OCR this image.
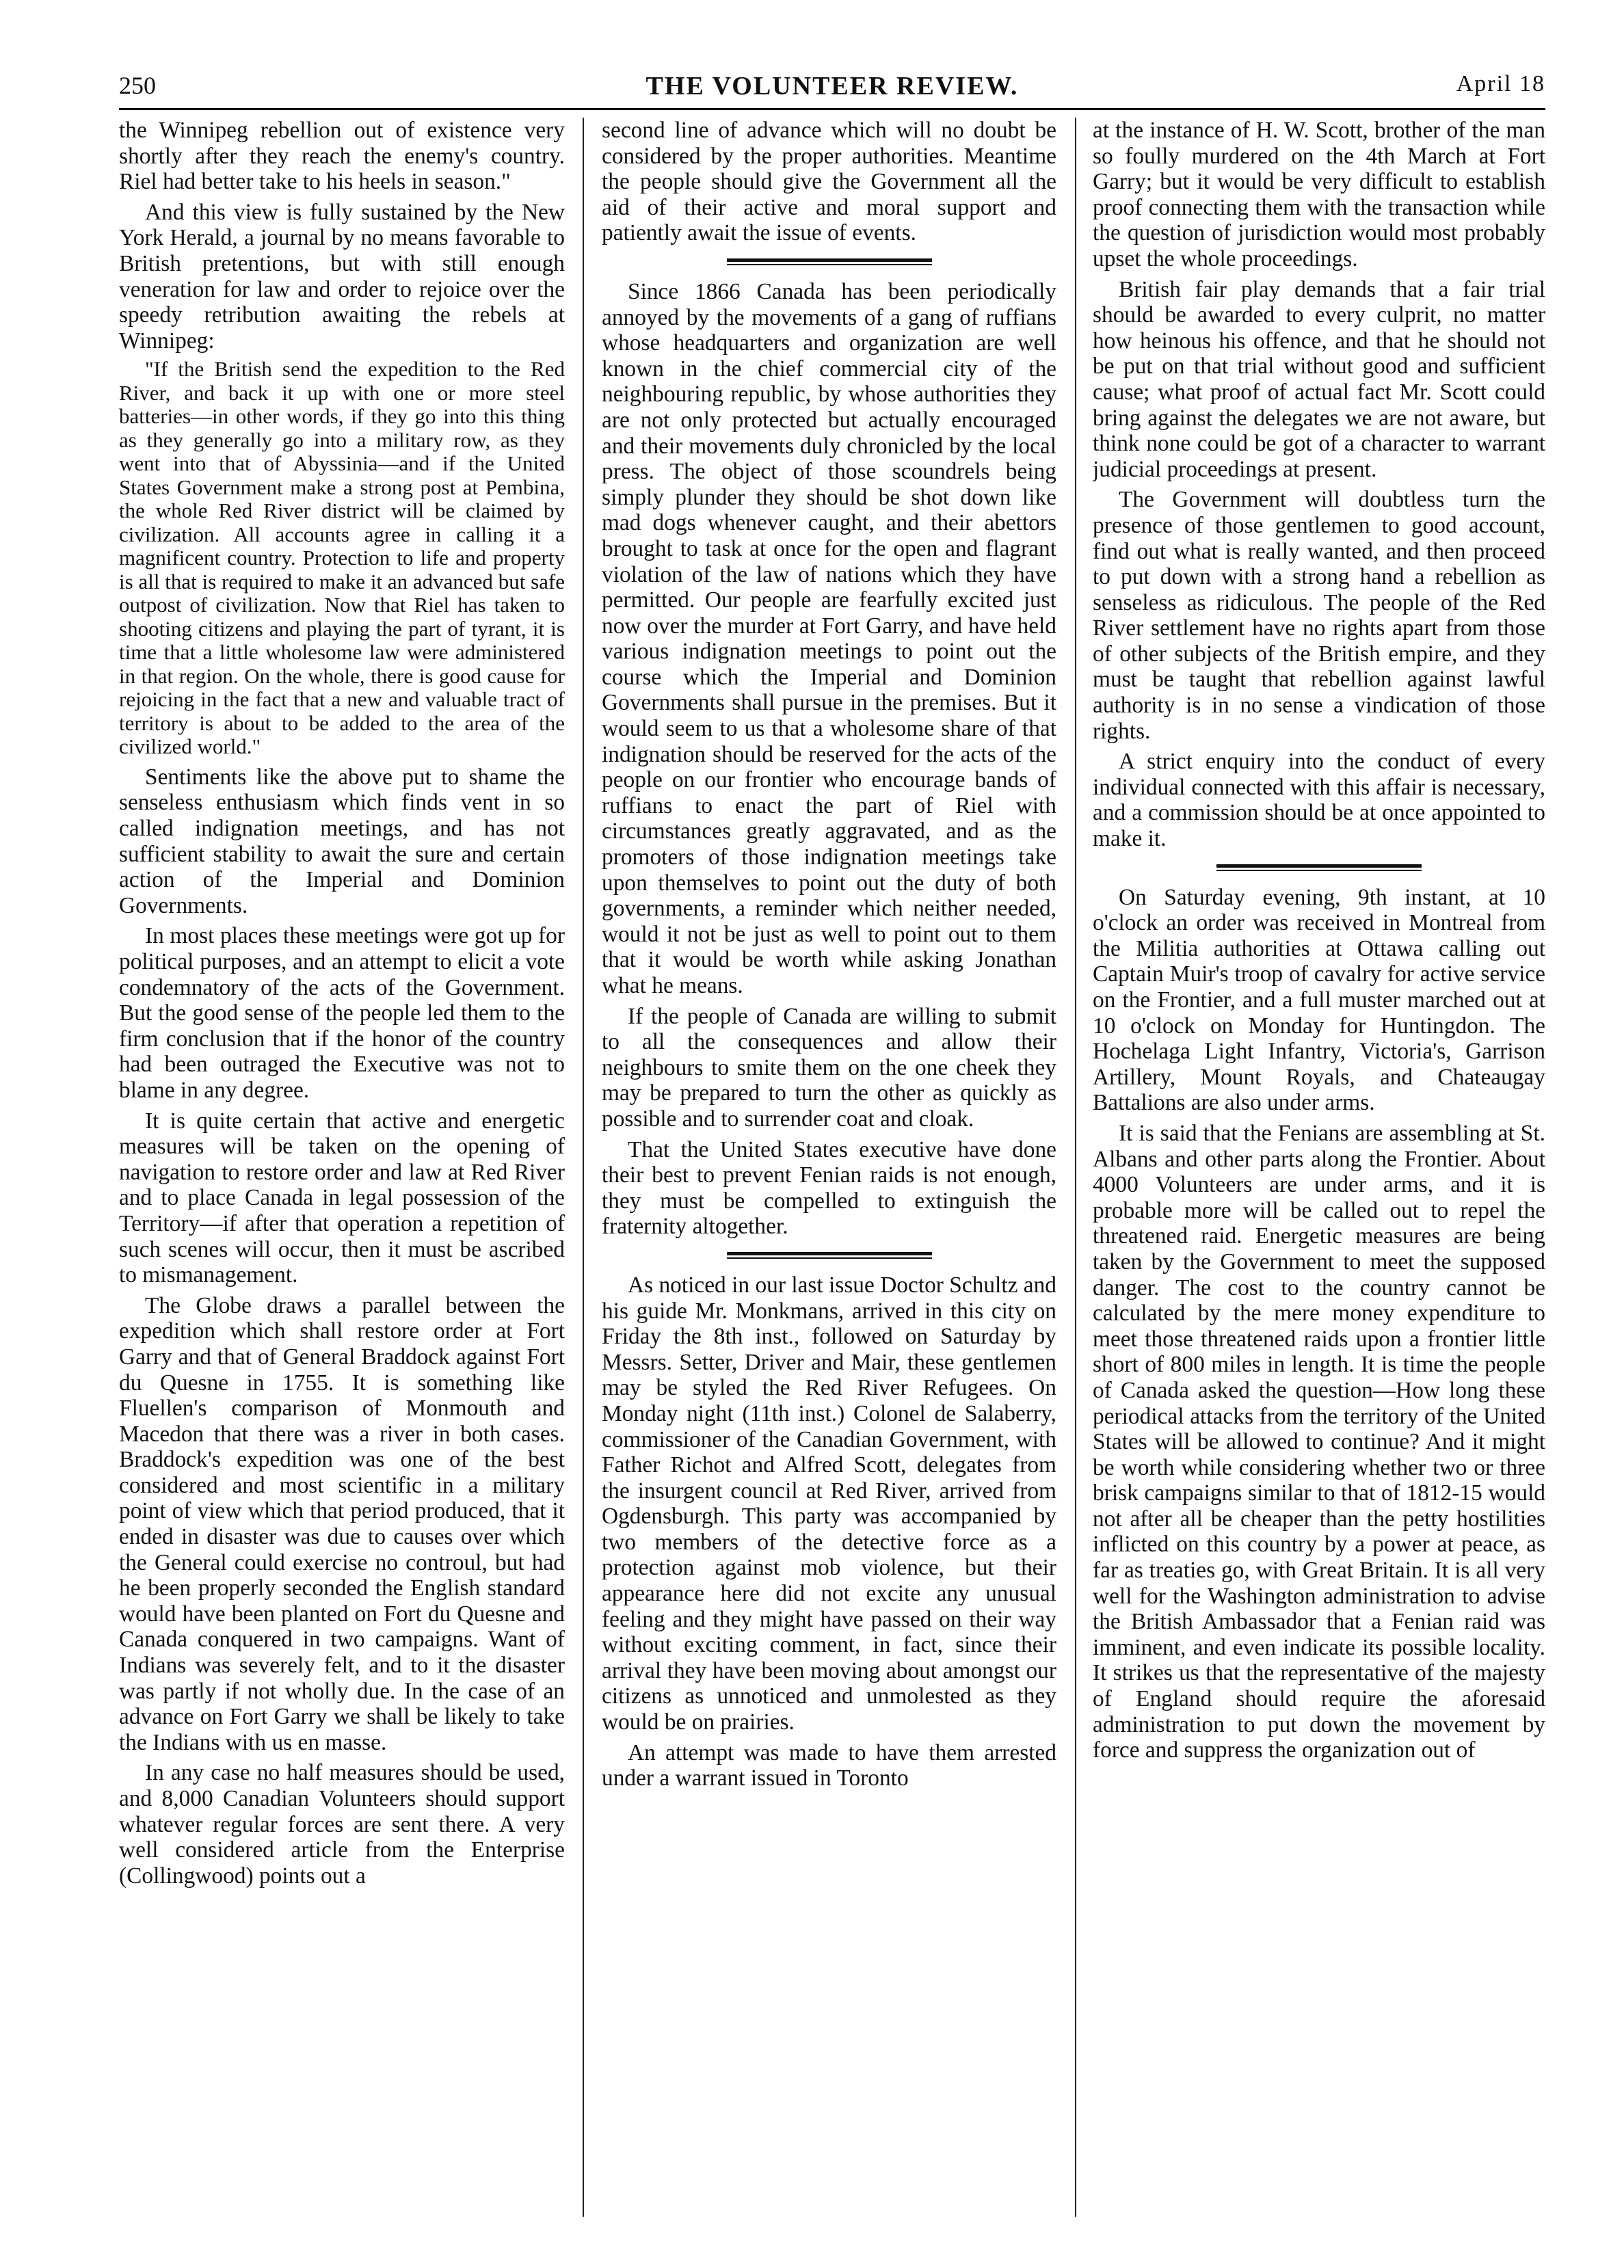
250	THE VOLUNTEER REVIEW.	April 18

the Winnipeg rebellion out of existence very shortly after they reach the enemy's country. Riel had better take to his heels in season."

And this view is fully sustained by the New York Herald, a journal by no means favorable to British pretentions, but with still enough veneration for law and order to rejoice over the speedy retribution awaiting the rebels at Winnipeg:

"If the British send the expedition to the Red River, and back it up with one or more steel batteries—in other words, if they go into this thing as they generally go into a military row, as they went into that of Abyssinia—and if the United States Government make a strong post at Pembina, the whole Red River district will be claimed by civilization. All accounts agree in calling it a magnificent country. Protection to life and property is all that is required to make it an advanced but safe outpost of civilization. Now that Riel has taken to shooting citizens and playing the part of tyrant, it is time that a little wholesome law were administered in that region. On the whole, there is good cause for rejoicing in the fact that a new and valuable tract of territory is about to be added to the area of the civilized world."

Sentiments like the above put to shame the senseless enthusiasm which finds vent in so called indignation meetings, and has not sufficient stability to await the sure and certain action of the Imperial and Dominion Governments.

In most places these meetings were got up for political purposes, and an attempt to elicit a vote condemnatory of the acts of the Government. But the good sense of the people led them to the firm conclusion that if the honor of the country had been outraged the Executive was not to blame in any degree.

It is quite certain that active and energetic measures will be taken on the opening of navigation to restore order and law at Red River and to place Canada in legal possession of the Territory—if after that operation a repetition of such scenes will occur, then it must be ascribed to mismanagement.

The Globe draws a parallel between the expedition which shall restore order at Fort Garry and that of General Braddock against Fort du Quesne in 1755. It is something like Fluellen's comparison of Monmouth and Macedon that there was a river in both cases. Braddock's expedition was one of the best considered and most scientific in a military point of view which that period produced, that it ended in disaster was due to causes over which the General could exercise no controul, but had he been properly seconded the English standard would have been planted on Fort du Quesne and Canada conquered in two campaigns. Want of Indians was severely felt, and to it the disaster was partly if not wholly due. In the case of an advance on Fort Garry we shall be likely to take the Indians with us en masse.

In any case no half measures should be used, and 8,000 Canadian Volunteers should support whatever regular forces are sent there. A very well considered article from the Enterprise (Collingwood) points out a

second line of advance which will no doubt be considered by the proper authorities. Meantime the people should give the Government all the aid of their active and moral support and patiently await the issue of events.

Since 1866 Canada has been periodically annoyed by the movements of a gang of ruffians whose headquarters and organization are well known in the chief commercial city of the neighbouring republic, by whose authorities they are not only protected but actually encouraged and their movements duly chronicled by the local press. The object of those scoundrels being simply plunder they should be shot down like mad dogs whenever caught, and their abettors brought to task at once for the open and flagrant violation of the law of nations which they have permitted. Our people are fearfully excited just now over the murder at Fort Garry, and have held various indignation meetings to point out the course which the Imperial and Dominion Governments shall pursue in the premises. But it would seem to us that a wholesome share of that indignation should be reserved for the acts of the people on our frontier who encourage bands of ruffians to enact the part of Riel with circumstances greatly aggravated, and as the promoters of those indignation meetings take upon themselves to point out the duty of both governments, a reminder which neither needed, would it not be just as well to point out to them that it would be worth while asking Jonathan what he means.

If the people of Canada are willing to submit to all the consequences and allow their neighbours to smite them on the one cheek they may be prepared to turn the other as quickly as possible and to surrender coat and cloak.

That the United States executive have done their best to prevent Fenian raids is not enough, they must be compelled to extinguish the fraternity altogether.

As noticed in our last issue Doctor Schultz and his guide Mr. Monkmans, arrived in this city on Friday the 8th inst., followed on Saturday by Messrs. Setter, Driver and Mair, these gentlemen may be styled the Red River Refugees. On Monday night (11th inst.) Colonel de Salaberry, commissioner of the Canadian Government, with Father Richot and Alfred Scott, delegates from the insurgent council at Red River, arrived from Ogdensburgh. This party was accompanied by two members of the detective force as a protection against mob violence, but their appearance here did not excite any unusual feeling and they might have passed on their way without exciting comment, in fact, since their arrival they have been moving about amongst our citizens as unnoticed and unmolested as they would be on prairies.

An attempt was made to have them arrested under a warrant issued in Toronto

at the instance of H. W. Scott, brother of the man so foully murdered on the 4th March at Fort Garry; but it would be very difficult to establish proof connecting them with the transaction while the question of jurisdiction would most probably upset the whole proceedings.

British fair play demands that a fair trial should be awarded to every culprit, no matter how heinous his offence, and that he should not be put on that trial without good and sufficient cause; what proof of actual fact Mr. Scott could bring against the delegates we are not aware, but think none could be got of a character to warrant judicial proceedings at present.

The Government will doubtless turn the presence of those gentlemen to good account, find out what is really wanted, and then proceed to put down with a strong hand a rebellion as senseless as ridiculous. The people of the Red River settlement have no rights apart from those of other subjects of the British empire, and they must be taught that rebellion against lawful authority is in no sense a vindication of those rights.

A strict enquiry into the conduct of every individual connected with this affair is necessary, and a commission should be at once appointed to make it.

On Saturday evening, 9th instant, at 10 o'clock an order was received in Montreal from the Militia authorities at Ottawa calling out Captain Muir's troop of cavalry for active service on the Frontier, and a full muster marched out at 10 o'clock on Monday for Huntingdon. The Hochelaga Light Infantry, Victoria's, Garrison Artillery, Mount Royals, and Chateaugay Battalions are also under arms.

It is said that the Fenians are assembling at St. Albans and other parts along the Frontier. About 4000 Volunteers are under arms, and it is probable more will be called out to repel the threatened raid. Energetic measures are being taken by the Government to meet the supposed danger. The cost to the country cannot be calculated by the mere money expenditure to meet those threatened raids upon a frontier little short of 800 miles in length. It is time the people of Canada asked the question—How long these periodical attacks from the territory of the United States will be allowed to continue? And it might be worth while considering whether two or three brisk campaigns similar to that of 1812-15 would not after all be cheaper than the petty hostilities inflicted on this country by a power at peace, as far as treaties go, with Great Britain. It is all very well for the Washington administration to advise the British Ambassador that a Fenian raid was imminent, and even indicate its possible locality. It strikes us that the representative of the majesty of England should require the aforesaid administration to put down the movement by force and suppress the organization out of
